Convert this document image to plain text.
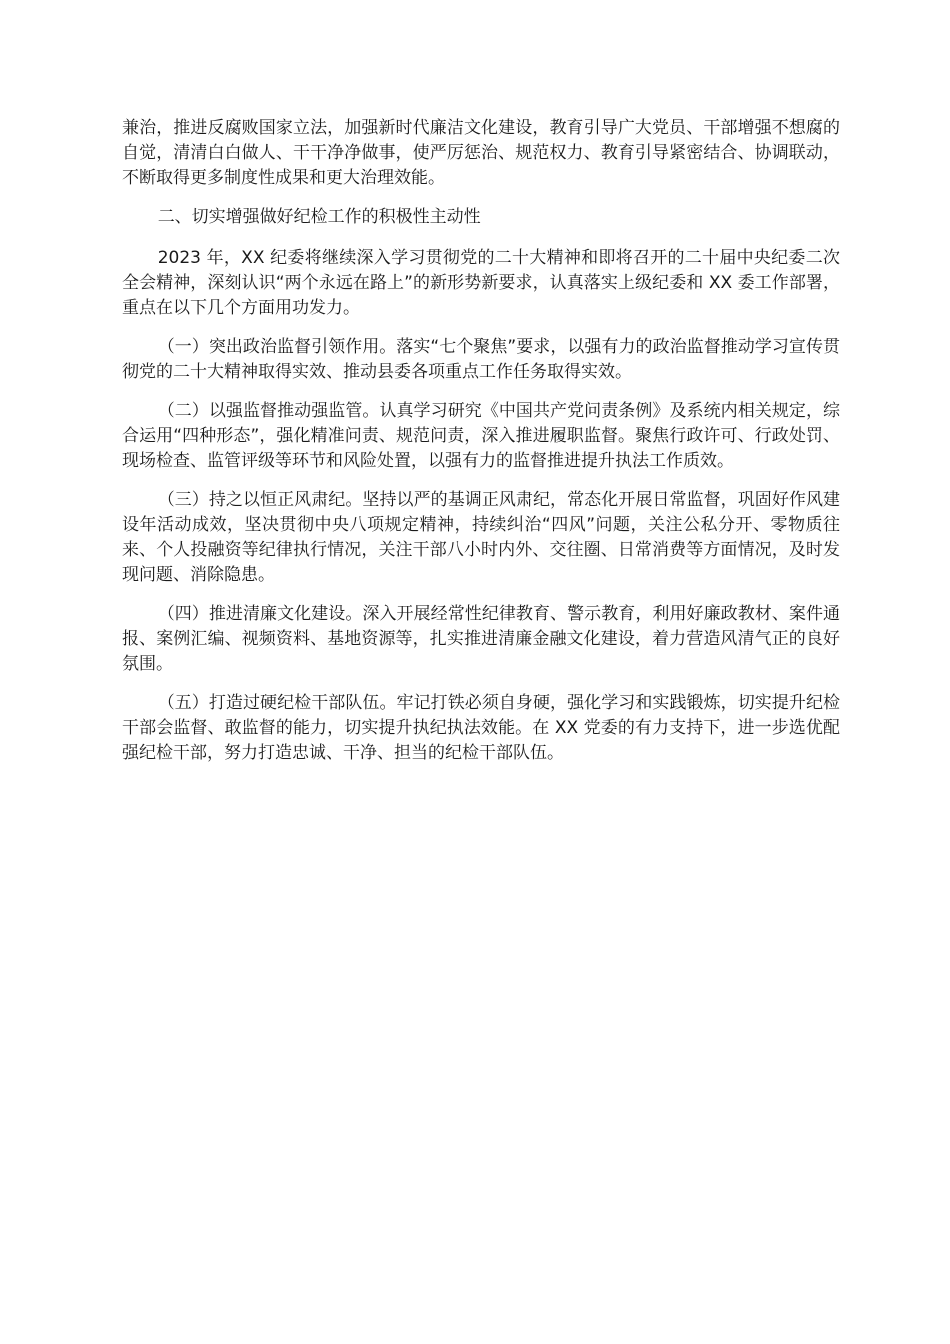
兼治，推进反腐败国家立法，加强新时代廉洁文化建设，教育引导广大党员、干部增强不想腐的自觉，清清白白做人、干干净净做事，使严厉惩治、规范权力、教育引导紧密结合、协调联动，不断取得更多制度性成果和更大治理效能。

二、切实增强做好纪检工作的积极性主动性

2023 年，XX 纪委将继续深入学习贯彻党的二十大精神和即将召开的二十届中央纪委二次全会精神，深刻认识“两个永远在路上”的新形势新要求，认真落实上级纪委和 XX 委工作部署，重点在以下几个方面用功发力。

（一）突出政治监督引领作用。落实“七个聚焦”要求，以强有力的政治监督推动学习宣传贯彻党的二十大精神取得实效、推动县委各项重点工作任务取得实效。

（二）以强监督推动强监管。认真学习研究《中国共产党问责条例》及系统内相关规定，综合运用“四种形态”，强化精准问责、规范问责，深入推进履职监督。聚焦行政许可、行政处罚、现场检查、监管评级等环节和风险处置，以强有力的监督推进提升执法工作质效。

（三）持之以恒正风肃纪。坚持以严的基调正风肃纪，常态化开展日常监督，巩固好作风建设年活动成效，坚决贯彻中央八项规定精神，持续纠治“四风”问题，关注公私分开、零物质往来、个人投融资等纪律执行情况，关注干部八小时内外、交往圈、日常消费等方面情况，及时发现问题、消除隐患。

（四）推进清廉文化建设。深入开展经常性纪律教育、警示教育，利用好廉政教材、案件通报、案例汇编、视频资料、基地资源等，扎实推进清廉金融文化建设，着力营造风清气正的良好氛围。

（五）打造过硬纪检干部队伍。牢记打铁必须自身硬，强化学习和实践锻炼，切实提升纪检干部会监督、敢监督的能力，切实提升执纪执法效能。在 XX 党委的有力支持下，进一步选优配强纪检干部，努力打造忠诚、干净、担当的纪检干部队伍。
